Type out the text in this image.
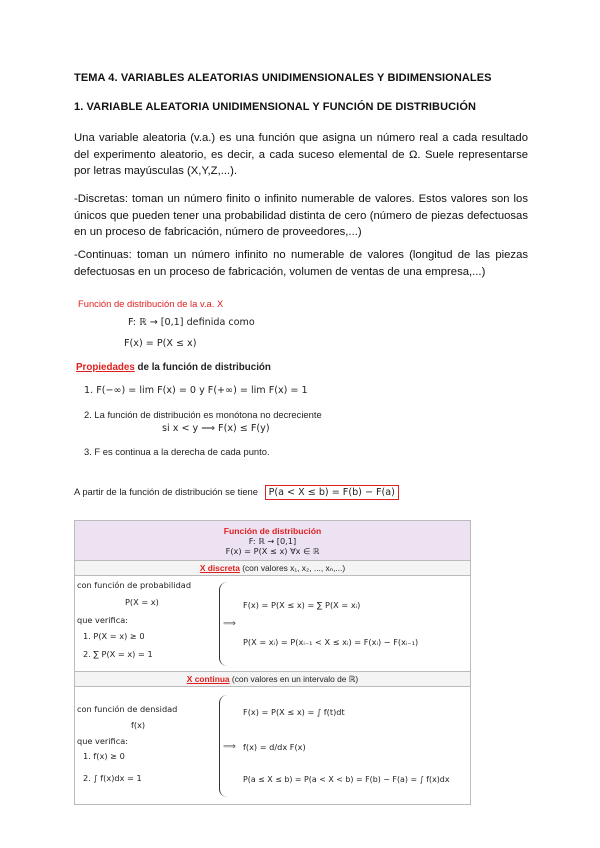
TEMA 4. VARIABLES ALEATORIAS UNIDIMENSIONALES Y BIDIMENSIONALES
1. VARIABLE ALEATORIA UNIDIMENSIONAL Y FUNCIÓN DE DISTRIBUCIÓN
Una variable aleatoria (v.a.) es una función que asigna un número real a cada resultado del experimento aleatorio, es decir, a cada suceso elemental de Ω. Suele representarse por letras mayúsculas (X,Y,Z,...).
-Discretas: toman un número finito o infinito numerable de valores. Estos valores son los únicos que pueden tener una probabilidad distinta de cero (número de piezas defectuosas en un proceso de fabricación, número de proveedores,...)
-Continuas: toman un número infinito no numerable de valores (longitud de las piezas defectuosas en un proceso de fabricación, volumen de ventas de una empresa,...)
Función de distribución de la v.a. X
F: ℝ → [0,1] definida como
F(x) = P(X ≤ x)
Propiedades de la función de distribución
1. F(−∞) = lim F(x) = 0 y F(+∞) = lim F(x) = 1
2. La función de distribución es monótona no decreciente
si x < y ⟹ F(x) ≤ F(y)
3. F es continua a la derecha de cada punto.
A partir de la función de distribución se tiene P(a < X ≤ b) = F(b) − F(a)
Función de distribución
F: ℝ → [0,1]
F(x) = P(X ≤ x) ∀x ∈ ℝ

X discreta (con valores x₁, x₂, ..., xₙ,...)

con función de probabilidad
P(X = x)
que verifica:
1. P(X = x) ≥ 0
2. ∑ P(X = x) = 1
⟹
F(x) = P(X ≤ x) = ∑ P(X = xᵢ)
P(X = xᵢ) = P(xᵢ₋₁ < X ≤ xᵢ) = F(xᵢ) − F(xᵢ₋₁)

X continua (con valores en un intervalo de ℝ)

con función de densidad
f(x)
que verifica:
1. f(x) ≥ 0
2. ∫ f(x)dx = 1
⟹
F(x) = P(X ≤ x) = ∫ f(t)dt
f(x) = d/dx F(x)
P(a ≤ X ≤ b) = P(a < X < b) = F(b) − F(a) = ∫ f(x)dx
